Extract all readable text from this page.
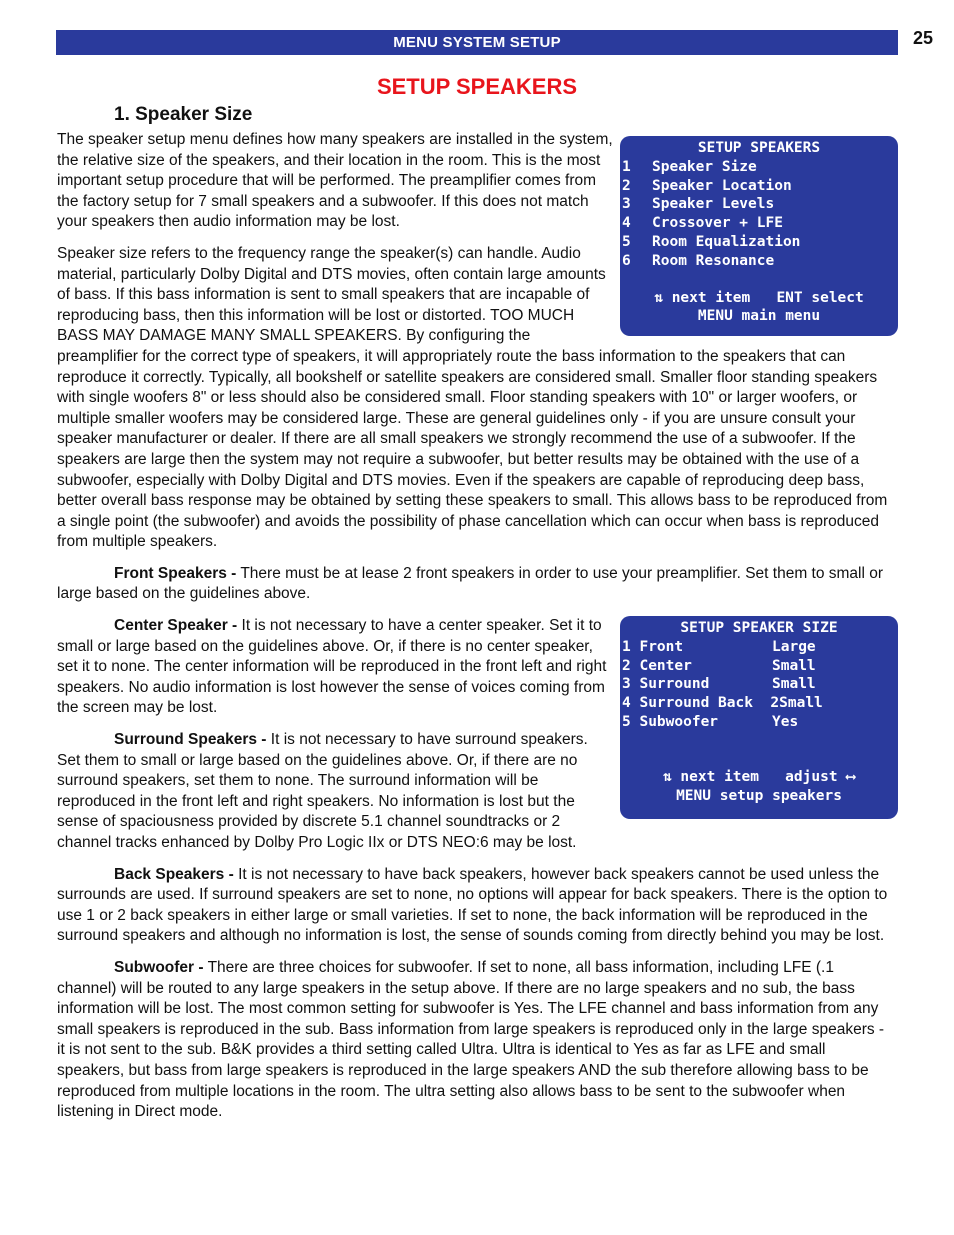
MENU SYSTEM SETUP	25
SETUP SPEAKERS
1. Speaker Size
SETUP SPEAKERS
1	Speaker Size
2	Speaker Location
3	Speaker Levels
4	Crossover + LFE
5	Room Equalization
6	Room Resonance
⇅ next item   ENT select
MENU main menu

The speaker setup menu defines how many speakers are installed in the system, the relative size of the speakers, and their location in the room. This is the most important setup procedure that will be performed. The preamplifier comes from the factory setup for 7 small speakers and a subwoofer. If this does not match your speakers then audio information may be lost.

Speaker size refers to the frequency range the speaker(s) can handle. Audio material, particularly Dolby Digital and DTS movies, often contain large amounts of bass. If this bass information is sent to small speakers that are incapable of reproducing bass, then this information will be lost or distorted. TOO MUCH BASS MAY DAMAGE MANY SMALL SPEAKERS. By configuring the preamplifier for the correct type of speakers, it will appropriately route the bass information to the speakers that can reproduce it correctly. Typically, all bookshelf or satellite speakers are considered small. Smaller floor standing speakers with single woofers 8" or less should also be considered small. Floor standing speakers with 10" or larger woofers, or multiple smaller woofers may be considered large. These are general guidelines only - if you are unsure consult your speaker manufacturer or dealer. If there are all small speakers we strongly recommend the use of a subwoofer. If the speakers are large then the system may not require a subwoofer, but better results may be obtained with the use of a subwoofer, especially with Dolby Digital and DTS movies. Even if the speakers are capable of reproducing deep bass, better overall bass response may be obtained by setting these speakers to small. This allows bass to be reproduced from a single point (the subwoofer) and avoids the possibility of phase cancellation which can occur when bass is reproduced from multiple speakers.

Front Speakers - There must be at lease 2 front speakers in order to use your preamplifier. Set them to small or large based on the guidelines above.

SETUP SPEAKER SIZE
1 Front	Large
2 Center	Small
3 Surround	Small
4 Surround Back  2 Small
5 Subwoofer	Yes
⇅ next item   adjust ⟷
MENU setup speakers

Center Speaker - It is not necessary to have a center speaker. Set it to small or large based on the guidelines above. Or, if there is no center speaker, set it to none. The center information will be reproduced in the front left and right speakers. No audio information is lost however the sense of voices coming from the screen may be lost.

Surround Speakers - It is not necessary to have surround speakers. Set them to small or large based on the guidelines above. Or, if there are no surround speakers, set them to none. The surround information will be reproduced in the front left and right speakers. No information is lost but the sense of spaciousness provided by discrete 5.1 channel soundtracks or 2 channel tracks enhanced by Dolby Pro Logic IIx or DTS NEO:6 may be lost.

Back Speakers - It is not necessary to have back speakers, however back speakers cannot be used unless the surrounds are used. If surround speakers are set to none, no options will appear for back speakers. There is the option to use 1 or 2 back speakers in either large or small varieties. If set to none, the back information will be reproduced in the surround speakers and although no information is lost, the sense of sounds coming from directly behind you may be lost.

Subwoofer - There are three choices for subwoofer. If set to none, all bass information, including LFE (.1 channel) will be routed to any large speakers in the setup above. If there are no large speakers and no sub, the bass information will be lost. The most common setting for subwoofer is Yes. The LFE channel and bass information from any small speakers is reproduced in the sub. Bass information from large speakers is reproduced only in the large speakers - it is not sent to the sub. B&K provides a third setting called Ultra. Ultra is identical to Yes as far as LFE and small speakers, but bass from large speakers is reproduced in the large speakers AND the sub therefore allowing bass to be reproduced from multiple locations in the room. The ultra setting also allows bass to be sent to the subwoofer when listening in Direct mode.
